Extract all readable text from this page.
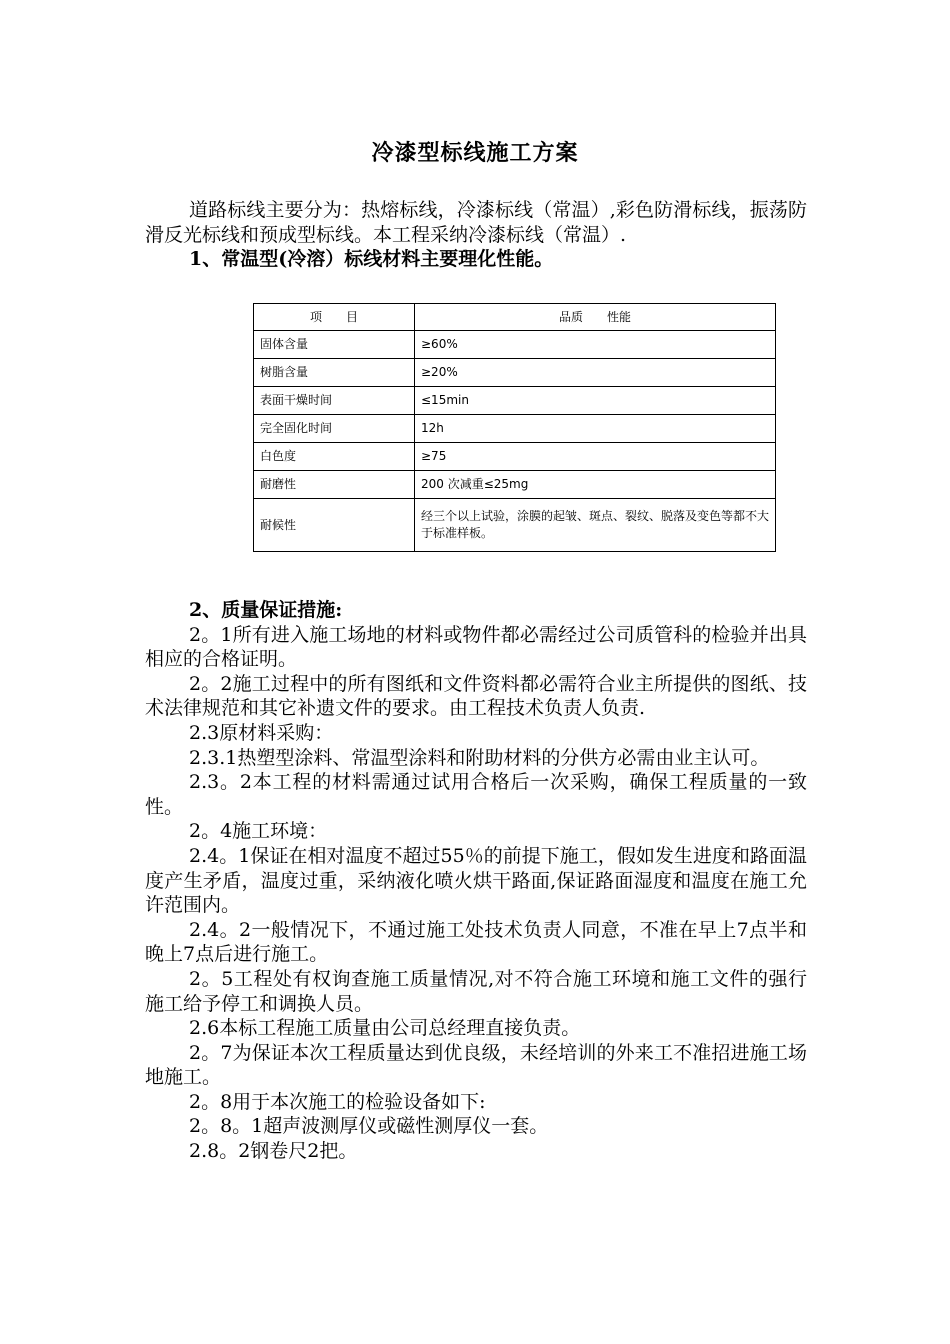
冷漆型标线施工方案

道路标线主要分为：热熔标线，冷漆标线（常温）,彩色防滑标线，振荡防滑反光标线和预成型标线。本工程采纳冷漆标线（常温）.

1、常温型(冷溶）标线材料主要理化性能。

项　　目	品质　　性能
固体含量	≥60%
树脂含量	≥20%
表面干燥时间	≤15min
完全固化时间	12h
白色度	≥75
耐磨性	200 次减重≤25mg
耐候性	经三个以上试验，涂膜的起皱、斑点、裂纹、脱落及变色等都不大于标准样板。

2、质量保证措施:

2。1所有进入施工场地的材料或物件都必需经过公司质管科的检验并出具相应的合格证明。

2。2施工过程中的所有图纸和文件资料都必需符合业主所提供的图纸、技术法律规范和其它补遗文件的要求。由工程技术负责人负责.

2.3原材料采购：

2.3.1热塑型涂料、常温型涂料和附助材料的分供方必需由业主认可。

2.3。2本工程的材料需通过试用合格后一次采购，确保工程质量的一致性。

2。4施工环境：

2.4。1保证在相对温度不超过55％的前提下施工，假如发生进度和路面温度产生矛盾，温度过重，采纳液化喷火烘干路面,保证路面湿度和温度在施工允许范围内。

2.4。2一般情况下，不通过施工处技术负责人同意，不准在早上7点半和晚上7点后进行施工。

2。5工程处有权询查施工质量情况,对不符合施工环境和施工文件的强行施工给予停工和调换人员。

2.6本标工程施工质量由公司总经理直接负责。

2。7为保证本次工程质量达到优良级，未经培训的外来工不准招进施工场地施工。

2。8用于本次施工的检验设备如下:

2。8。1超声波测厚仪或磁性测厚仪一套。

2.8。2钢卷尺2把。
